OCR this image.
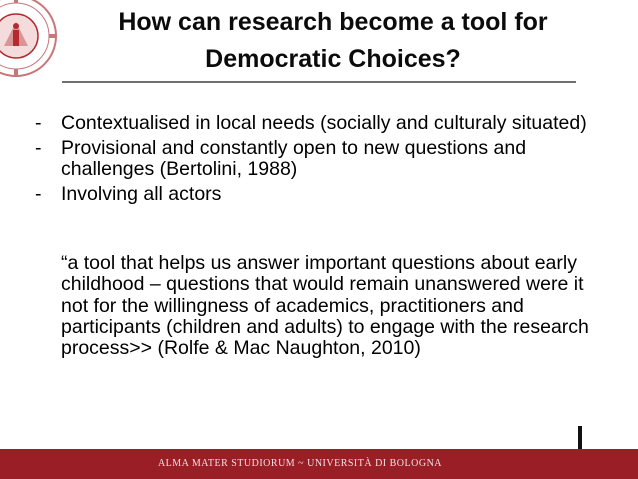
How can research become a tool for
Democratic Choices?
- Contextualised in local needs (socially and culturaly situated)
- Provisional and constantly open to new questions and challenges (Bertolini, 1988)
- Involving all actors
“a tool that helps us answer important questions about early childhood – questions that would remain unanswered were it not for the willingness of academics, practitioners and participants (children and adults) to engage with the research process>> (Rolfe & Mac Naughton, 2010)
ALMA MATER STUDIORUM ~ UNIVERSITÀ DI BOLOGNA
